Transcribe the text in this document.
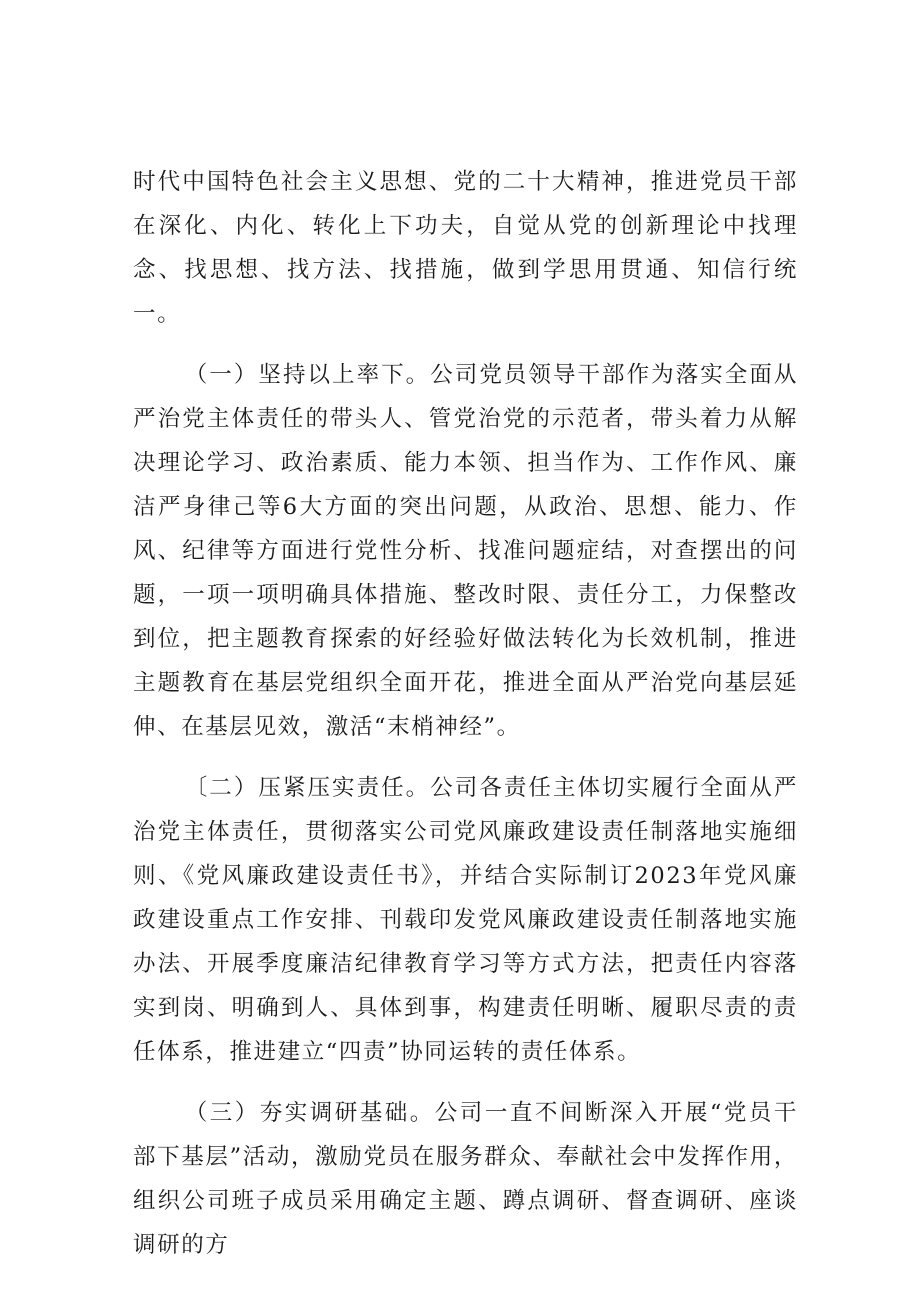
时代中国特色社会主义思想、党的二十大精神，推进党员干部在深化、内化、转化上下功夫，自觉从党的创新理论中找理念、找思想、找方法、找措施，做到学思用贯通、知信行统一。

（一）坚持以上率下。公司党员领导干部作为落实全面从严治党主体责任的带头人、管党治党的示范者，带头着力从解决理论学习、政治素质、能力本领、担当作为、工作作风、廉洁严身律己等6大方面的突出问题，从政治、思想、能力、作风、纪律等方面进行党性分析、找准问题症结，对查摆出的问题，一项一项明确具体措施、整改时限、责任分工，力保整改到位，把主题教育探索的好经验好做法转化为长效机制，推进主题教育在基层党组织全面开花，推进全面从严治党向基层延伸、在基层见效，激活“末梢神经”。

〔二）压紧压实责任。公司各责任主体切实履行全面从严治党主体责任，贯彻落实公司党风廉政建设责任制落地实施细则、《党风廉政建设责任书》，并结合实际制订2023年党风廉政建设重点工作安排、刊载印发党风廉政建设责任制落地实施办法、开展季度廉洁纪律教育学习等方式方法，把责任内容落实到岗、明确到人、具体到事，构建责任明晰、履职尽责的责任体系，推进建立“四责”协同运转的责任体系。

（三）夯实调研基础。公司一直不间断深入开展“党员干部下基层”活动，激励党员在服务群众、奉献社会中发挥作用，组织公司班子成员采用确定主题、蹲点调研、督查调研、座谈调研的方
